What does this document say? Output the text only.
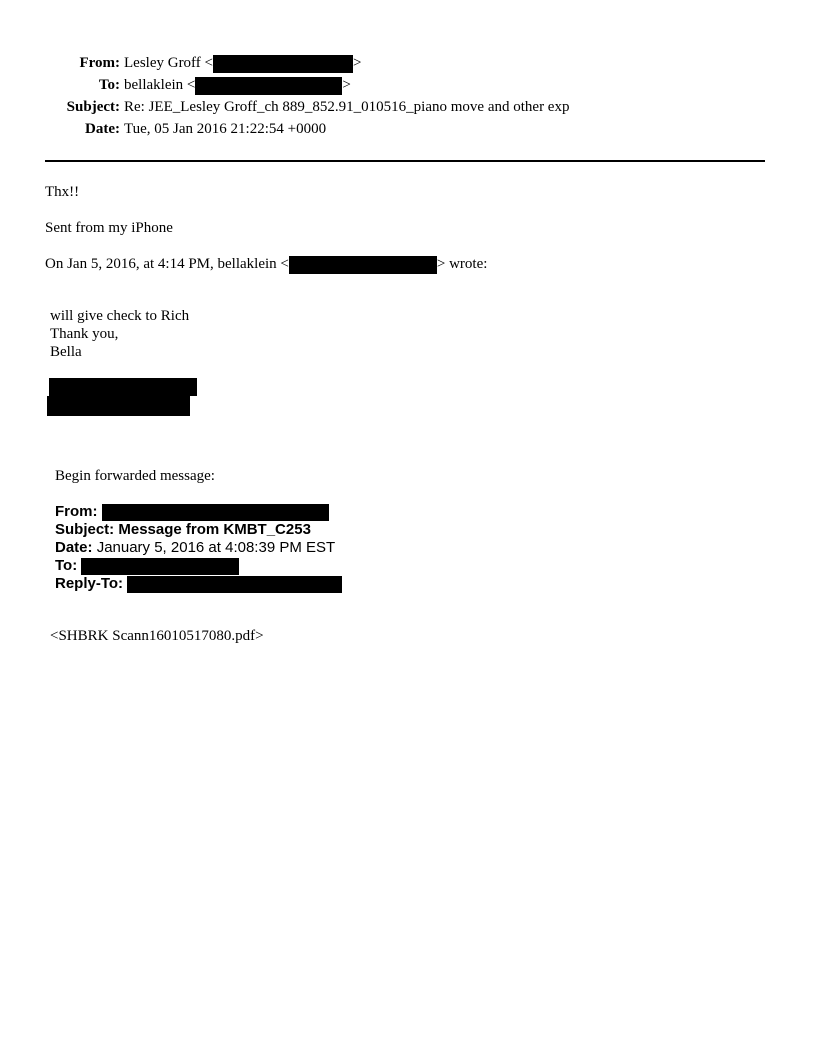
From: Lesley Groff <	>
To: bellaklein <	>
Subject: Re: JEE_Lesley Groff_ch 889_852.91_010516_piano move and other exp
Date: Tue, 05 Jan 2016 21:22:54 +0000
Thx!!
Sent from my iPhone
On Jan 5, 2016, at 4:14 PM, bellaklein <	> wrote:
will give check to Rich
Thank you,
Bella
Begin forwarded message:
From:
Subject: Message from KMBT_C253
Date: January 5, 2016 at 4:08:39 PM EST
To:
Reply-To:
<SHBRK Scann16010517080.pdf>
